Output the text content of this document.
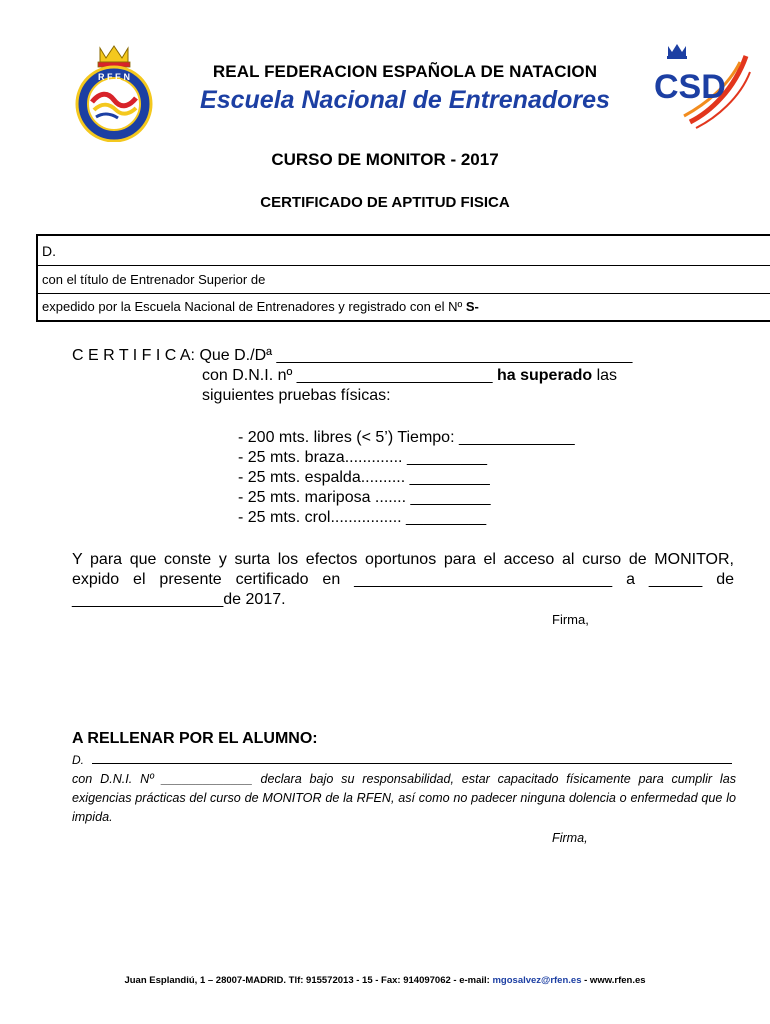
R F E N	CSD
REAL FEDERACION ESPAÑOLA DE NATACION
Escuela Nacional de Entrenadores
CURSO DE MONITOR - 2017
CERTIFICADO DE APTITUD FISICA
D.
con el título de Entrenador Superior de
expedido por la Escuela Nacional de Entrenadores y registrado con el Nº S-
C E R T I F I C A: Que D./Dª ________________________________________
con D.N.I. nº ______________________ ha superado las
siguientes pruebas físicas:
- 200 mts. libres (< 5’) Tiempo: _____________
- 25 mts. braza............. _________
- 25 mts. espalda.......... _________
- 25 mts. mariposa ....... _________
- 25 mts. crol................ _________
Y para que conste y surta los efectos oportunos para el acceso al curso de MONITOR, expido el presente certificado en _____________________________ a ______ de _________________de 2017.
Firma,
A RELLENAR POR EL ALUMNO:
D.
con D.N.I. Nº _____________ declara bajo su responsabilidad, estar capacitado físicamente para cumplir las exigencias prácticas del curso de MONITOR de la RFEN, así como no padecer ninguna dolencia o enfermedad que lo impida.
Firma,
Juan Esplandiú, 1 – 28007-MADRID. Tlf: 915572013 - 15 - Fax: 914097062 - e-mail: mgosalvez@rfen.es - www.rfen.es
